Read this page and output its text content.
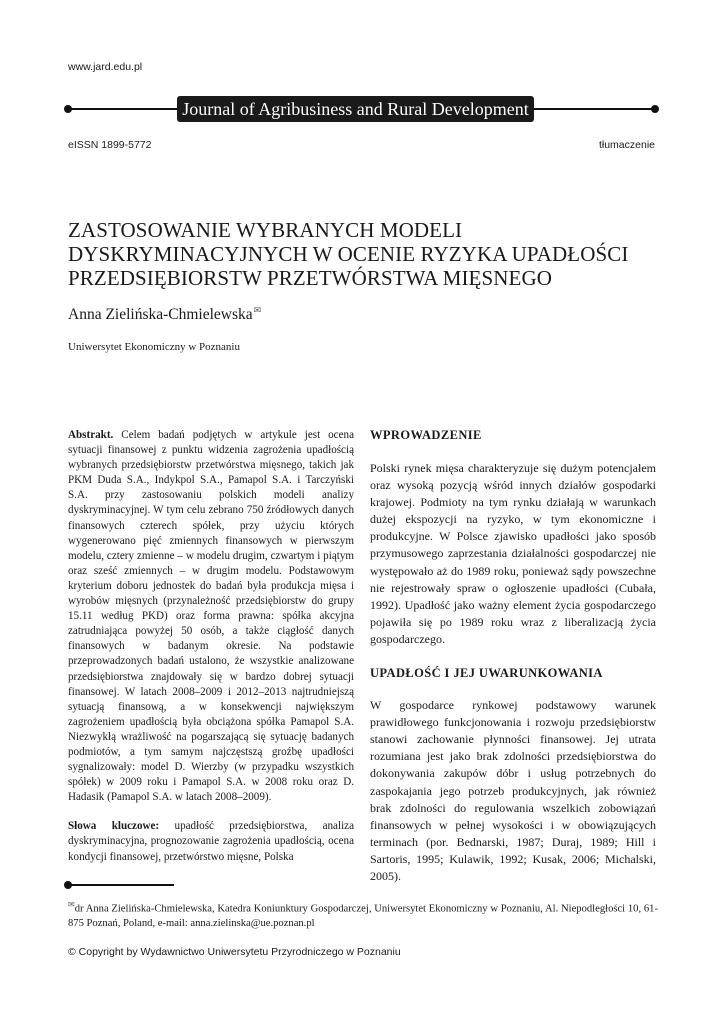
www.jard.edu.pl
Journal of Agribusiness and Rural Development
eISSN 1899-5772	tłumaczenie
ZASTOSOWANIE WYBRANYCH MODELI
DYSKRYMINACYJNYCH W OCENIE RYZYKA UPADŁOŚCI
PRZEDSIĘBIORSTW PRZETWÓRSTWA MIĘSNEGO
Anna Zielińska-Chmielewska✉
Uniwersytet Ekonomiczny w Poznaniu

Abstrakt. Celem badań podjętych w artykule jest ocena sytuacji finansowej z punktu widzenia zagrożenia upadłością wybranych przedsiębiorstw przetwórstwa mięsnego, takich jak PKM Duda S.A., Indykpol S.A., Pamapol S.A. i Tarczyński S.A. przy zastosowaniu polskich modeli analizy dyskryminacyjnej. W tym celu zebrano 750 źródłowych danych finansowych czterech spółek, przy użyciu których wygenerowano pięć zmiennych finansowych w pierwszym modelu, cztery zmienne – w modelu drugim, czwartym i piątym oraz sześć zmiennych – w drugim modelu. Podstawowym kryterium doboru jednostek do badań była produkcja mięsa i wyrobów mięsnych (przynależność przedsiębiorstw do grupy 15.11 według PKD) oraz forma prawna: spółka akcyjna zatrudniająca powyżej 50 osób, a także ciągłość danych finansowych w badanym okresie. Na podstawie przeprowadzonych badań ustalono, że wszystkie analizowane przedsiębiorstwa znajdowały się w bardzo dobrej sytuacji finansowej. W latach 2008–2009 i 2012–2013 najtrudniejszą sytuacją finansową, a w konsekwencji największym zagrożeniem upadłością była obciążona spółka Pamapol S.A. Niezwykłą wrażliwość na pogarszającą się sytuację badanych podmiotów, a tym samym najczęstszą groźbę upadłości sygnalizowały: model D. Wierzby (w przypadku wszystkich spółek) w 2009 roku i Pamapol S.A. w 2008 roku oraz D. Hadasik (Pamapol S.A. w latach 2008–2009).

Słowa kluczowe: upadłość przedsiębiorstwa, analiza dyskryminacyjna, prognozowanie zagrożenia upadłością, ocena kondycji finansowej, przetwórstwo mięsne, Polska

WPROWADZENIE

Polski rynek mięsa charakteryzuje się dużym potencjałem oraz wysoką pozycją wśród innych działów gospodarki krajowej. Podmioty na tym rynku działają w warunkach dużej ekspozycji na ryzyko, w tym ekonomiczne i produkcyjne. W Polsce zjawisko upadłości jako sposób przymusowego zaprzestania działalności gospodarczej nie występowało aż do 1989 roku, ponieważ sądy powszechne nie rejestrowały spraw o ogłoszenie upadłości (Cubała, 1992). Upadłość jako ważny element życia gospodarczego pojawiła się po 1989 roku wraz z liberalizacją życia gospodarczego.

UPADŁOŚĆ I JEJ UWARUNKOWANIA

W gospodarce rynkowej podstawowy warunek prawidłowego funkcjonowania i rozwoju przedsiębiorstw stanowi zachowanie płynności finansowej. Jej utrata rozumiana jest jako brak zdolności przedsiębiorstwa do dokonywania zakupów dóbr i usług potrzebnych do zaspokajania jego potrzeb produkcyjnych, jak również brak zdolności do regulowania wszelkich zobowiązań finansowych w pełnej wysokości i w obowiązujących terminach (por. Bednarski, 1987; Duraj, 1989; Hill i Sartoris, 1995; Kulawik, 1992; Kusak, 2006; Michalski, 2005).

✉dr Anna Zielińska-Chmielewska, Katedra Koniunktury Gospodarczej, Uniwersytet Ekonomiczny w Poznaniu, Al. Niepodległości 10, 61-875 Poznań, Poland, e-mail: anna.zielinska@ue.poznan.pl
© Copyright by Wydawnictwo Uniwersytetu Przyrodniczego w Poznaniu
